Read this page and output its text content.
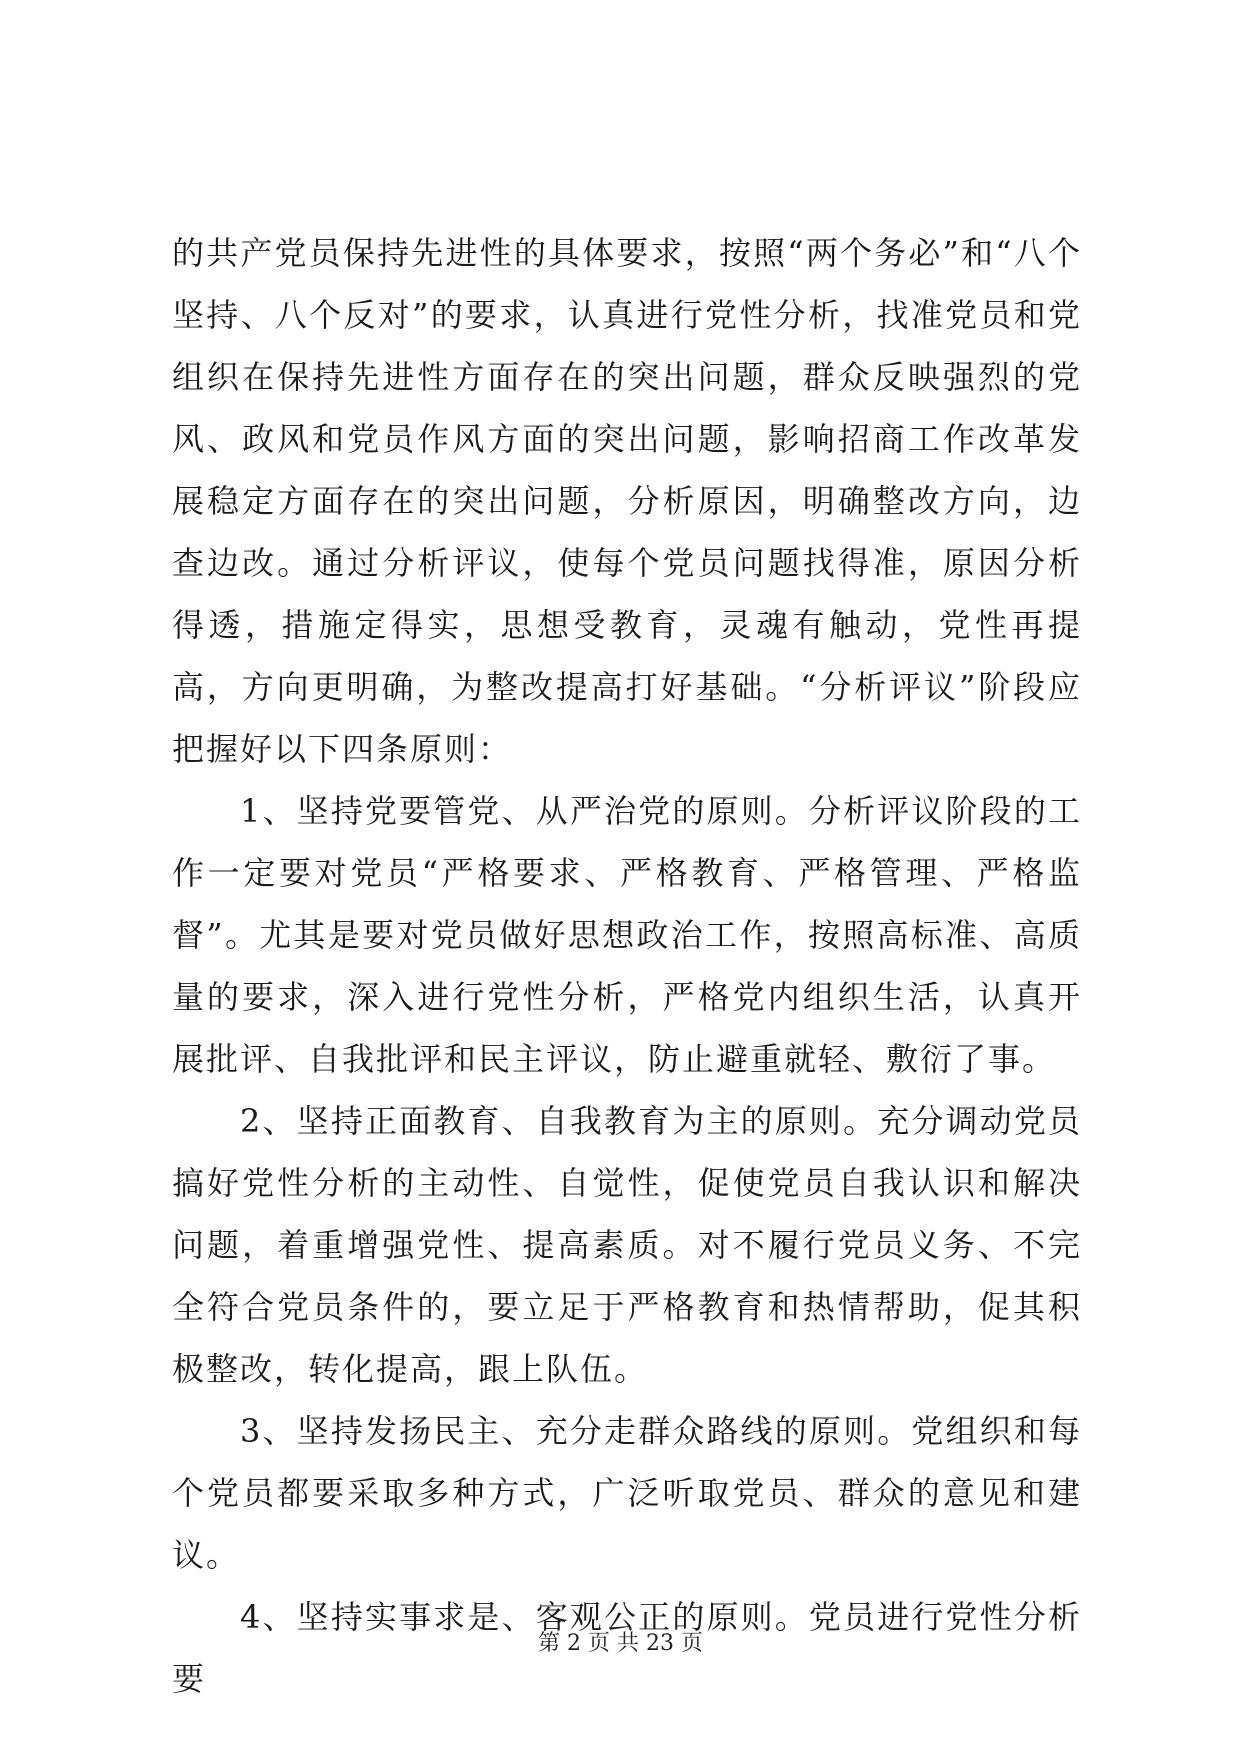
的共产党员保持先进性的具体要求，按照“两个务必”和“八个坚持、八个反对”的要求，认真进行党性分析，找准党员和党组织在保持先进性方面存在的突出问题，群众反映强烈的党风、政风和党员作风方面的突出问题，影响招商工作改革发展稳定方面存在的突出问题，分析原因，明确整改方向，边查边改。通过分析评议，使每个党员问题找得准，原因分析得透，措施定得实，思想受教育，灵魂有触动，党性再提高，方向更明确，为整改提高打好基础。“分析评议”阶段应把握好以下四条原则：

1、坚持党要管党、从严治党的原则。分析评议阶段的工作一定要对党员“严格要求、严格教育、严格管理、严格监督”。尤其是要对党员做好思想政治工作，按照高标准、高质量的要求，深入进行党性分析，严格党内组织生活，认真开展批评、自我批评和民主评议，防止避重就轻、敷衍了事。

2、坚持正面教育、自我教育为主的原则。充分调动党员搞好党性分析的主动性、自觉性，促使党员自我认识和解决问题，着重增强党性、提高素质。对不履行党员义务、不完全符合党员条件的，要立足于严格教育和热情帮助，促其积极整改，转化提高，跟上队伍。

3、坚持发扬民主、充分走群众路线的原则。党组织和每个党员都要采取多种方式，广泛听取党员、群众的意见和建议。

4、坚持实事求是、客观公正的原则。党员进行党性分析要

第 2 页 共 23 页
